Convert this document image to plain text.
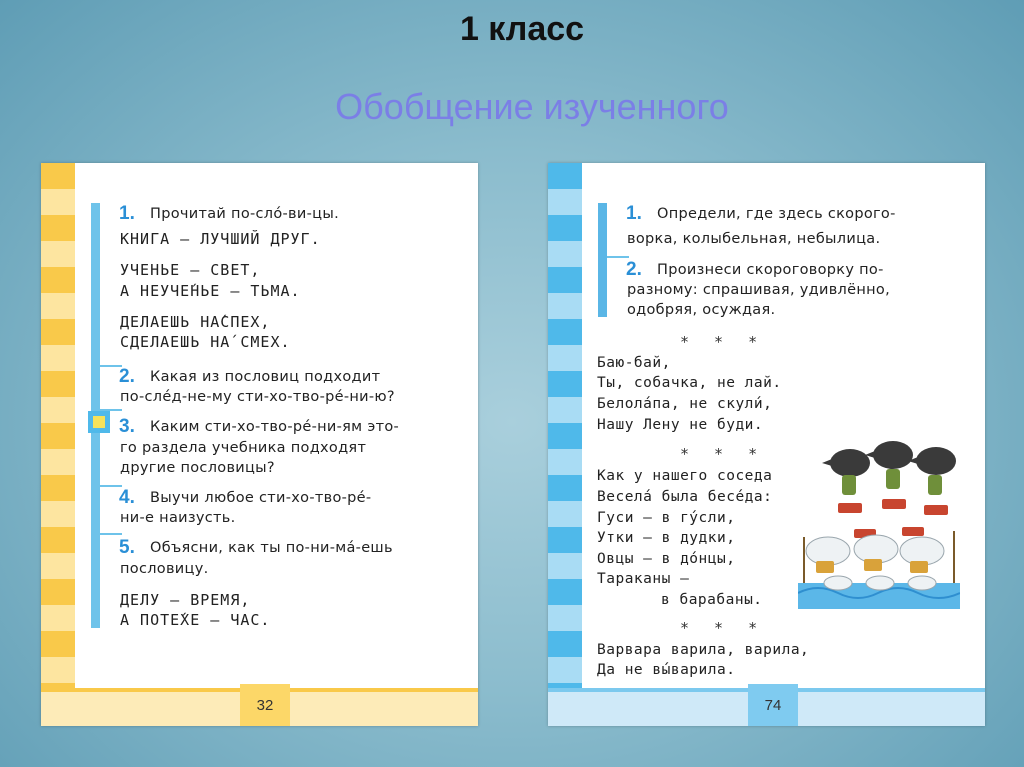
1 класс
Обобщение изученного
32
1. Прочитай по-сло́-ви-цы.
КНИГА – ЛУЧШИЙ ДРУГ.
УЧЕНЬЕ – СВЕТ,
А НЕУЧЕ́НЬЕ – ТЬМА.
ДЕЛАЕШЬ НА́СПЕХ,
СДЕЛАЕШЬ НА́ СМЕХ.
2. Какая из пословиц подходит
по-слéд-не-му сти-хо-тво-рé-ни-ю?
3. Каким сти-хо-тво-рé-ни-ям это-
го раздела учебника подходят
другие пословицы?
4. Выучи любое сти-хо-тво-рé-
ни-е наизусть.
5. Объясни, как ты по-ни-мá-ешь
пословицу.
ДЕЛУ – ВРЕМЯ,
А ПОТЕ́ХЕ – ЧАС.
74
1. Определи, где здесь скорого-
ворка, колыбельная, небылица.
2. Произнеси скороговорку по-
разному: спрашивая, удивлённо,
одобряя, осуждая.
* * *
Баю-бай,
Ты, собачка, не лай.
Белола́па, не скули́,
Нашу Лену не буди.
* * *
Как у нашего соседа
Весела́ была бесе́да:
Гуси – в гу́сли,
Утки – в дудки,
Овцы – в до́нцы,
Тараканы –
в барабаны.
* * *
Варвара варила, варила,
Да не вы́варила.
